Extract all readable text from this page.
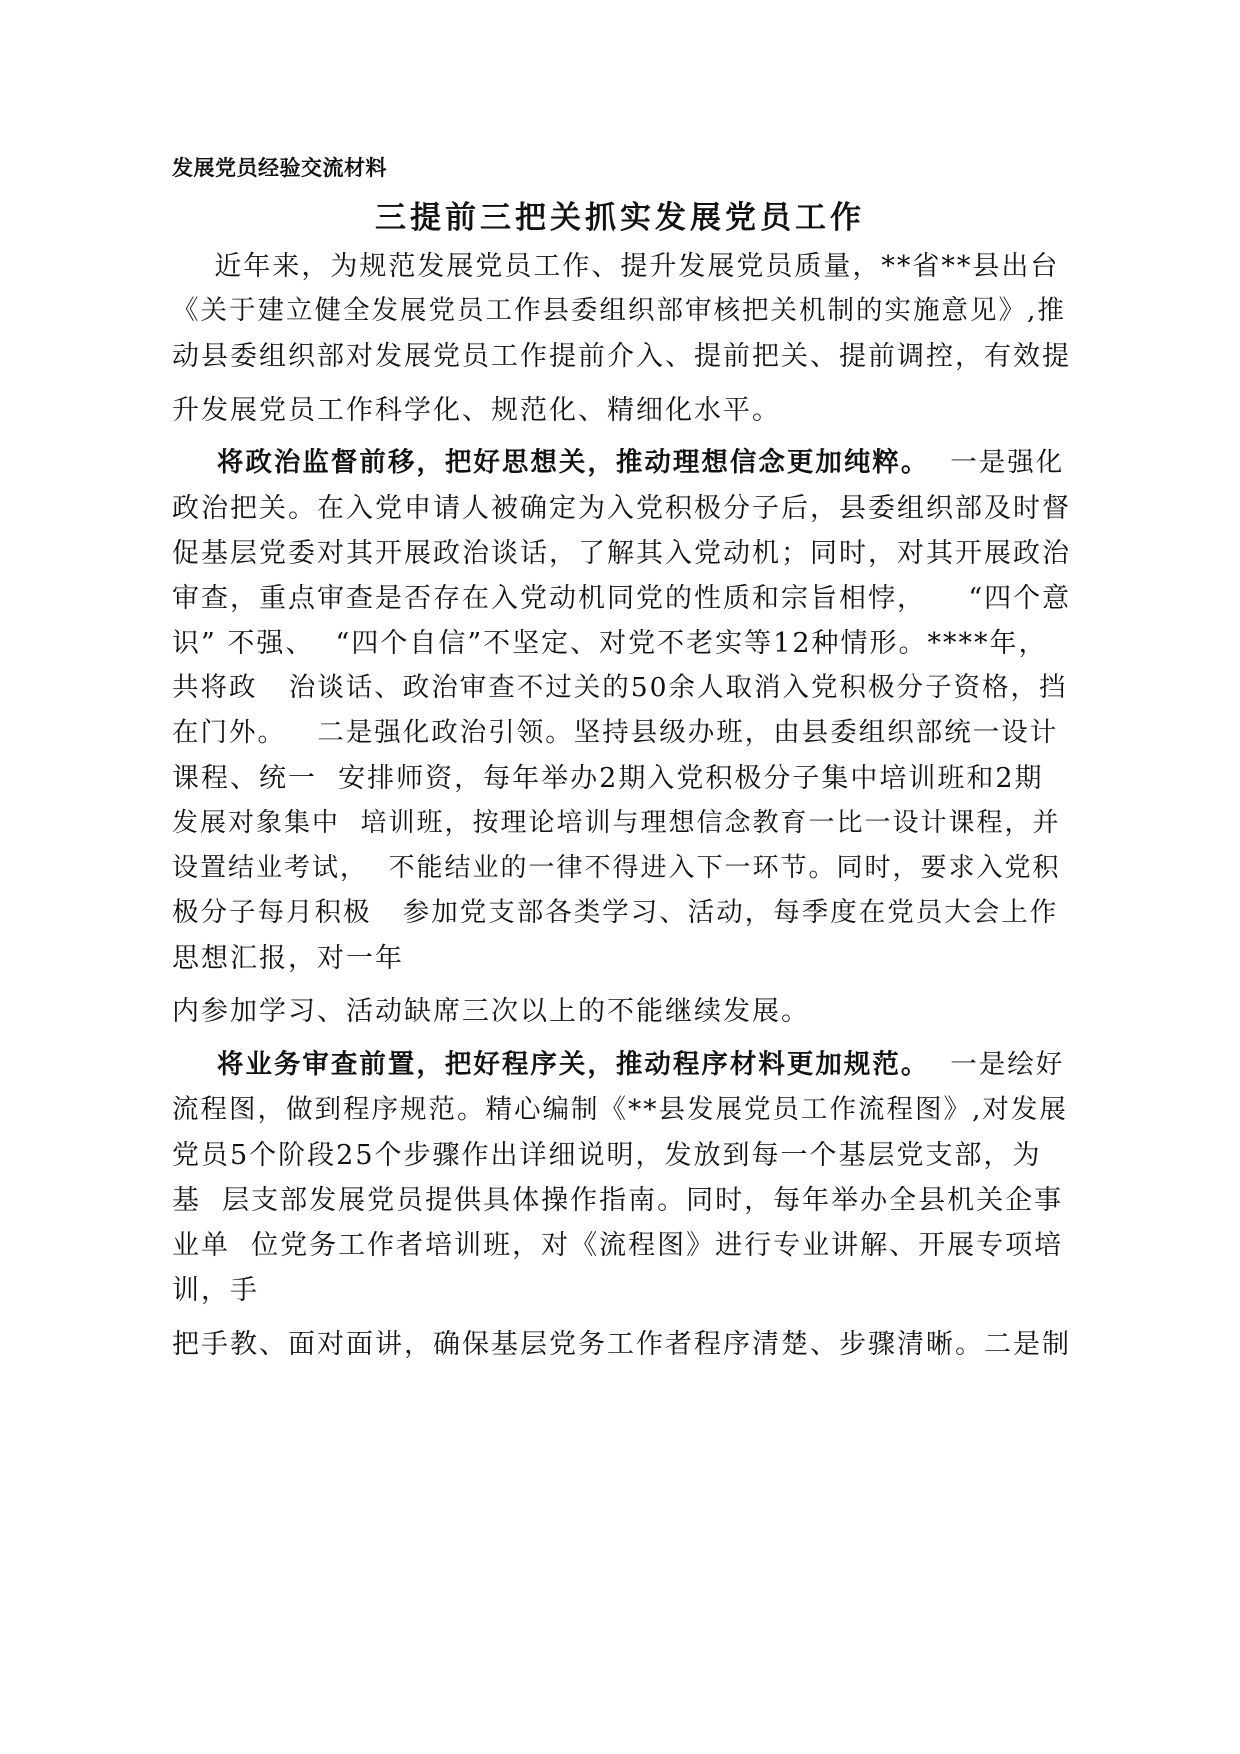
发展党员经验交流材料
三提前三把关抓实发展党员工作
近年来，为规范发展党员工作、提升发展党员质量，**省**县出台
《关于建立健全发展党员工作县委组织部审核把关机制的实施意见》,推
动县委组织部对发展党员工作提前介入、提前把关、提前调控，有效提
升发展党员工作科学化、规范化、精细化水平。
将政治监督前移，把好思想关，推动理想信念更加纯粹。  一是强化
政治把关。在入党申请人被确定为入党积极分子后，县委组织部及时督
促基层党委对其开展政治谈话，了解其入党动机；同时，对其开展政治
审查，重点审查是否存在入党动机同党的性质和宗旨相悖，    “四个意
识” 不强、  “四个自信”不坚定、对党不老实等12种情形。****年，
共将政   治谈话、政治审查不过关的50余人取消入党积极分子资格，挡
在门外。   二是强化政治引领。坚持县级办班，由县委组织部统一设计
课程、统一  安排师资，每年举办2期入党积极分子集中培训班和2期
发展对象集中  培训班，按理论培训与理想信念教育一比一设计课程，并
设置结业考试，  不能结业的一律不得进入下一环节。同时，要求入党积
极分子每月积极   参加党支部各类学习、活动，每季度在党员大会上作
思想汇报，对一年
内参加学习、活动缺席三次以上的不能继续发展。
将业务审查前置，把好程序关，推动程序材料更加规范。  一是绘好
流程图，做到程序规范。精心编制《**县发展党员工作流程图》,对发展
党员5个阶段25个步骤作出详细说明，发放到每一个基层党支部，为
基  层支部发展党员提供具体操作指南。同时，每年举办全县机关企事
业单  位党务工作者培训班，对《流程图》进行专业讲解、开展专项培
训，手
把手教、面对面讲，确保基层党务工作者程序清楚、步骤清晰。二是制
